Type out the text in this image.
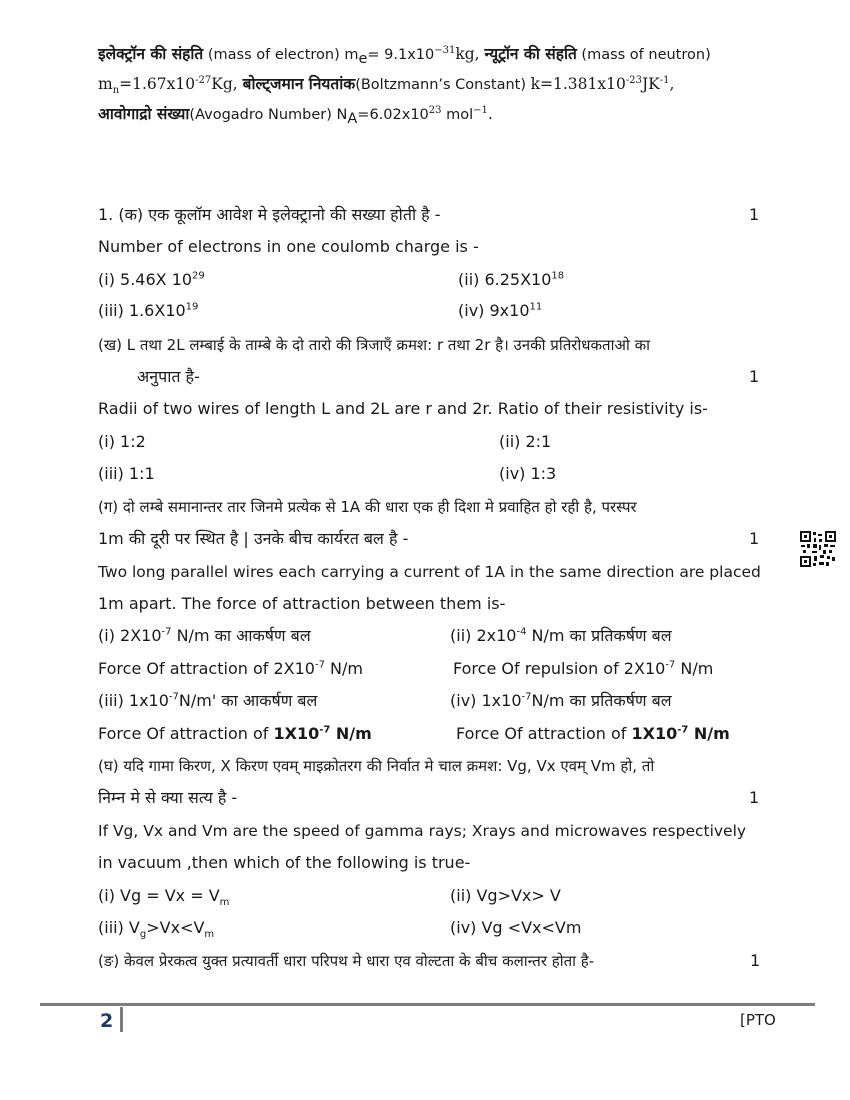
इलेक्ट्रॉन की संहति (mass of electron) $m_e= 9.1x10^{-31}kg$, न्यूट्रॉन की संहति (mass of neutron)
$m_n=1.67x10^{-27}Kg$, बोल्ट्जमान नियतांक(Boltzmann’s Constant) $k=1.381x10^{-23}JK^{-1}$,
आवोगाद्रो संख्या(Avogadro Number) $N_A=6.02x10^{23}$ mol$^{-1}$.
1. (क) एक कूलॉम आवेश मे इलेक्ट्रानो की सख्या होती है -	1
Number of electrons in one coulomb charge is -
(i) 5.46X $10^{29}$	(ii) $6.25X10^{18}$
(iii) $1.6X10^{19}$	(iv) $9x10^{11}$
(ख) L तथा 2L लम्बाई के ताम्बे के दो तारो की त्रिजाएँ क्रमश: r तथा 2r है। उनकी प्रतिरोधकताओ का
अनुपात है-	1
Radii of two wires of length L and 2L are r and 2r. Ratio of their resistivity is-
(i) 1:2	(ii) 2:1
(iii) 1:1	(iv) 1:3
(ग) दो लम्बे समानान्तर तार जिनमे प्रत्येक से 1A की धारा एक ही दिशा मे प्रवाहित हो रही है, परस्पर
1m की दूरी पर स्थित है | उनके बीच कार्यरत बल है -	1
Two long parallel wires each carrying a current of 1A in the same direction are placed
1m apart. The force of attraction between them is-
(i) $2X10^{-7}$ N/m का आकर्षण बल	(ii) $2x10^{-4}$ N/m का प्रतिकर्षण बल
Force Of attraction of $2X10^{-7}$ N/m	Force Of repulsion of $2X10^{-7}$ N/m
(iii) $1x10^{-7}N/m'$ का आकर्षण बल	(iv) $1x10^{-7}N/m$ का प्रतिकर्षण बल
Force Of attraction of $1X10^{-7}$ N/m	Force Of attraction of $1X10^{-7}$ N/m
(घ) यदि गामा किरण, X किरण एवम् माइक्रोतरग की निर्वात मे चाल क्रमश: Vg, Vx एवम् Vm हो, तो
निम्न मे से क्या सत्य है -	1
If Vg, Vx and Vm are the speed of gamma rays; Xrays and microwaves respectively
in vacuum ,then which of the following is true-
(i) $Vg = Vx = V_m$	(ii) Vg>Vx> V
(iii) $V_g>Vx<V_m$	(iv) Vg <Vx<Vm
(ङ) केवल प्रेरकत्व युक्त प्रत्यावर्ती धारा परिपथ मे धारा एव वोल्टता के बीच कलान्तर होता है-	1
2	[PTO
